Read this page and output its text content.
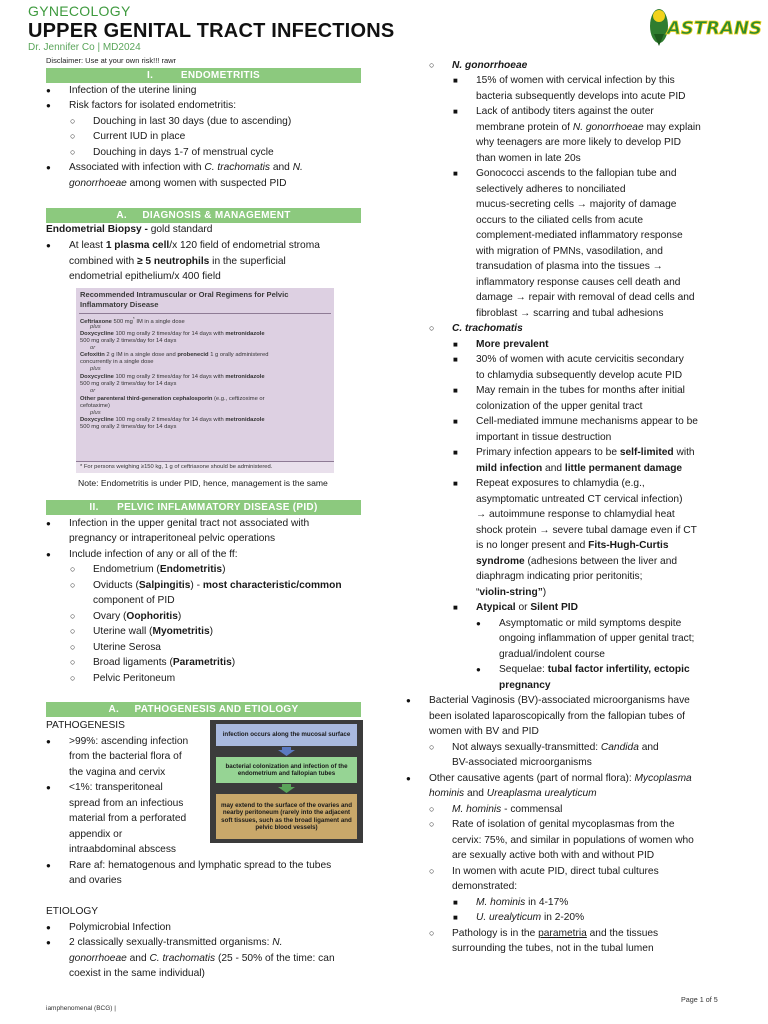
GYNECOLOGY
UPPER GENITAL TRACT INFECTIONS
Dr. Jennifer Co | MD2024
Disclaimer: Use at your own risk!!! rawr
ASTRANS
I.         ENDOMETRITIS
● Infection of the uterine lining
● Risk factors for isolated endometritis:
○ Douching in last 30 days (due to ascending)
○ Current IUD in place
○ Douching in days 1-7 of menstrual cycle
● Associated with infection with C. trachomatis and N.
gonorrhoeae among women with suspected PID
A.     DIAGNOSIS & MANAGEMENT
Endometrial Biopsy - gold standard
● At least 1 plasma cell/x 120 field of endometrial stroma
combined with ≥ 5 neutrophils in the superficial
endometrial epithelium/x 400 field
Recommended Intramuscular or Oral Regimens for Pelvic
Inflammatory Disease
Ceftriaxone 500 mg* IM in a single dose
plus
Doxycycline 100 mg orally 2 times/day for 14 days with metronidazole
500 mg orally 2 times/day for 14 days
or
Cefoxitin 2 g IM in a single dose and probenecid 1 g orally administered
concurrently in a single dose
plus
Doxycycline 100 mg orally 2 times/day for 14 days with metronidazole
500 mg orally 2 times/day for 14 days
or
Other parenteral third-generation cephalosporin (e.g., ceftizoxime or
cefotaxime)
plus
Doxycycline 100 mg orally 2 times/day for 14 days with metronidazole
500 mg orally 2 times/day for 14 days
* For persons weighing ≥150 kg, 1 g of ceftriaxone should be administered.
Note: Endometritis is under PID, hence, management is the same
II.      PELVIC INFLAMMATORY DISEASE (PID)
● Infection in the upper genital tract not associated with
pregnancy or intraperitoneal pelvic operations
● Include infection of any or all of the ff:
○ Endometrium (Endometritis)
○ Oviducts (Salpingitis) - most characteristic/common
component of PID
○ Ovary (Oophoritis)
○ Uterine wall (Myometritis)
○ Uterine Serosa
○ Broad ligaments (Parametritis)
○ Pelvic Peritoneum
A.     PATHOGENESIS AND ETIOLOGY
PATHOGENESIS
● >99%: ascending infection
from the bacterial flora of
the vagina and cervix
● <1%: transperitoneal
spread from an infectious
material from a perforated
appendix or
intraabdominal abscess
● Rare af: hematogenous and lymphatic spread to the tubes
and ovaries
infection occurs along the mucosal surface
bacterial colonization and infection of the endometrium and fallopian tubes
may extend to the surface of the ovaries and nearby peritoneum (rarely into the adjacent soft tissues, such as the broad ligament and pelvic blood vessels)
ETIOLOGY
● Polymicrobial Infection
● 2 classically sexually-transmitted organisms: N.
gonorrhoeae and C. trachomatis (25 - 50% of the time: can
coexist in the same individual)
○ N. gonorrhoeae
■ 15% of women with cervical infection by this
bacteria subsequently develops into acute PID
■ Lack of antibody titers against the outer
membrane protein of N. gonorrhoeae may explain
why teenagers are more likely to develop PID
than women in late 20s
■ Gonococci ascends to the fallopian tube and
selectively adheres to nonciliated
mucus-secreting cells → majority of damage
occurs to the ciliated cells from acute
complement-mediated inflammatory response
with migration of PMNs, vasodilation, and
transudation of plasma into the tissues →
inflammatory response causes cell death and
damage → repair with removal of dead cells and
fibroblast → scarring and tubal adhesions
○ C. trachomatis
■ More prevalent
■ 30% of women with acute cervicitis secondary
to chlamydia subsequently develop acute PID
■ May remain in the tubes for months after initial
colonization of the upper genital tract
■ Cell-mediated immune mechanisms appear to be
important in tissue destruction
■ Primary infection appears to be self-limited with
mild infection and little permanent damage
■ Repeat exposures to chlamydia (e.g.,
asymptomatic untreated CT cervical infection)
→ autoimmune response to chlamydial heat
shock protein → severe tubal damage even if CT
is no longer present and Fits-Hugh-Curtis
syndrome (adhesions between the liver and
diaphragm indicating prior peritonitis;
“violin-string”)
■ Atypical or Silent PID
● Asymptomatic or mild symptoms despite
ongoing inflammation of upper genital tract;
gradual/indolent course
● Sequelae: tubal factor infertility, ectopic
pregnancy
● Bacterial Vaginosis (BV)-associated microorganisms have
been isolated laparoscopically from the fallopian tubes of
women with BV and PID
○ Not always sexually-transmitted: Candida and
BV-associated microorganisms
● Other causative agents (part of normal flora): Mycoplasma
hominis and Ureaplasma urealyticum
○ M. hominis - commensal
○ Rate of isolation of genital mycoplasmas from the
cervix: 75%, and similar in populations of women who
are sexually active both with and without PID
○ In women with acute PID, direct tubal cultures
demonstrated:
■ M. hominis in 4-17%
■ U. urealyticum in 2-20%
○ Pathology is in the parametria and the tissues
surrounding the tubes, not in the tubal lumen
iamphenomenal (BCG) |
Page 1 of 5
